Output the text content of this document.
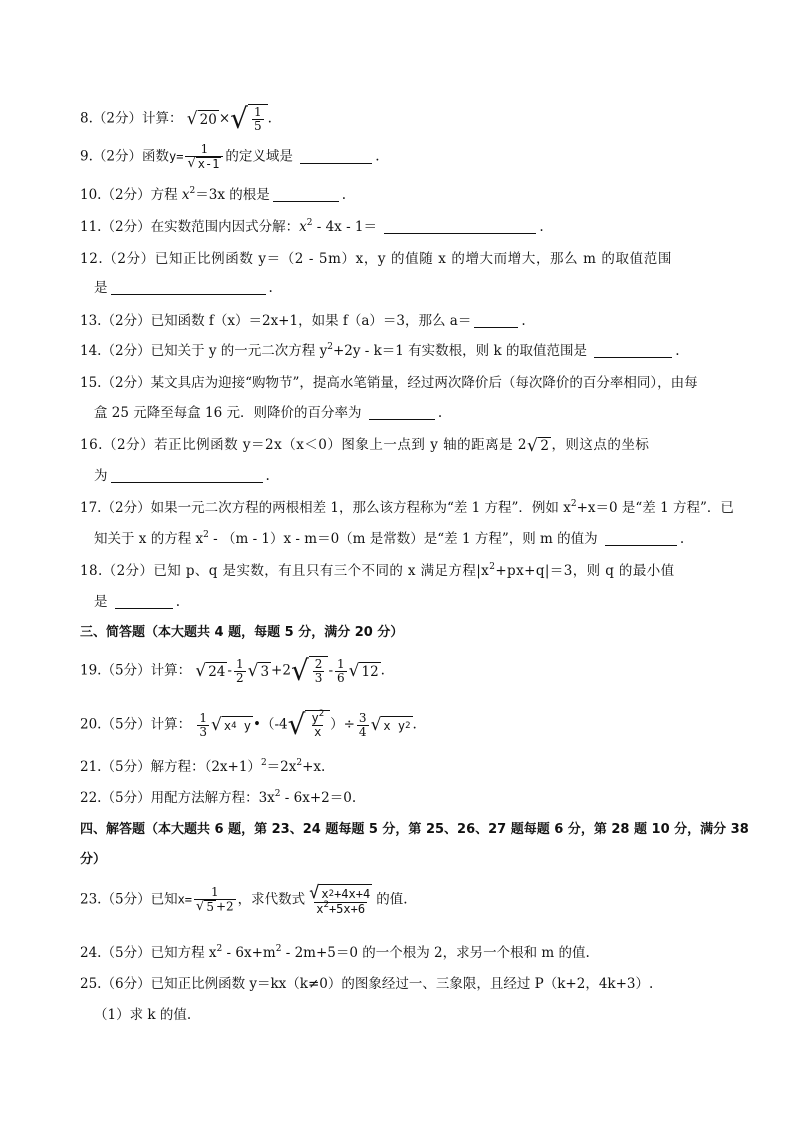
8.（2分）计算： √ 20 × √ $\frac{1}{5}$ .
9.（2分）函数$y= \frac{1}{√ x-1}$ 的定义域是	.
10.（2分）方程 $x^2=3x$ 的根是	.
11.（2分）在实数范围内因式分解：$x^2 - 4x - 1=$	.
12.（2分）已知正比例函数 y＝（2 - 5m）x，y 的值随 x 的增大而增大，那么 m 的取值范围
是	.
13.（2分）已知函数 f（x）＝2x+1，如果 f（a）＝3，那么 a＝	.
14.（2分）已知关于 y 的一元二次方程 $y^2+2y - k=1$ 有实数根，则 k 的取值范围是	.
15.（2分）某文具店为迎接“购物节”，提高水笔销量，经过两次降价后（每次降价的百分率相同），由每
盒 25 元降至每盒 16 元．则降价的百分率为	.
16.（2分）若正比例函数 y＝2x（x＜0）图象上一点到 y 轴的距离是 2 √ 2 ，则这点的坐标
为	.
17.（2分）如果一元二次方程的两根相差 1，那么该方程称为“差 1 方程”．例如 $x^2+x=0$ 是“差 1 方程”．已
知关于 x 的方程 $x^2 - (m - 1)x - m=0(m$ 是常数）是“差 1 方程”，则 m 的值为	.
18.（2分）已知 p、q 是实数，有且只有三个不同的 x 满足方程$|x^2+px+q|=3$，则 q 的最小值
是	.
三、简答题（本大题共 4 题，每题 5 分，满分 20 分）
19.（5分）计算： √ $24 - \frac{1}{2}$ √ 3 +2 √ $\frac{2}{3} - \frac{1}{6}$ √ 12 .
20.（5分）计算： $\frac{1}{3}$ √ x 4
y •（-4 √ $\frac{y^2}{x}$ ）÷ $\frac{3}{4}$ √ x y 2 .
21.（5分）解方程：$(2x+1)^2=2x^2+x$.
22.（5分）用配方法解方程：$3x^2 - 6x+2=0$.
四、解答题（本大题共 6 题，第 23、24 题每题 5 分，第 25、26、27 题每题 6 分，第 28 题 10 分，满分 38
分）
23.（5分）已知$x= \frac{1}{√ 5 +2}$ ，求代数式 $\frac{√ x 2 +4x+4}{x^2+5x+6}$ 的值.
24.（5分）已知方程 $x^2 - 6x+m^2 - 2m+5=0$ 的一个根为 2，求另一个根和 m 的值.
25.（6分）已知正比例函数 y＝kx（k≠0）的图象经过一、三象限，且经过 P（k+2，4k+3）.
（1）求 k 的值.
